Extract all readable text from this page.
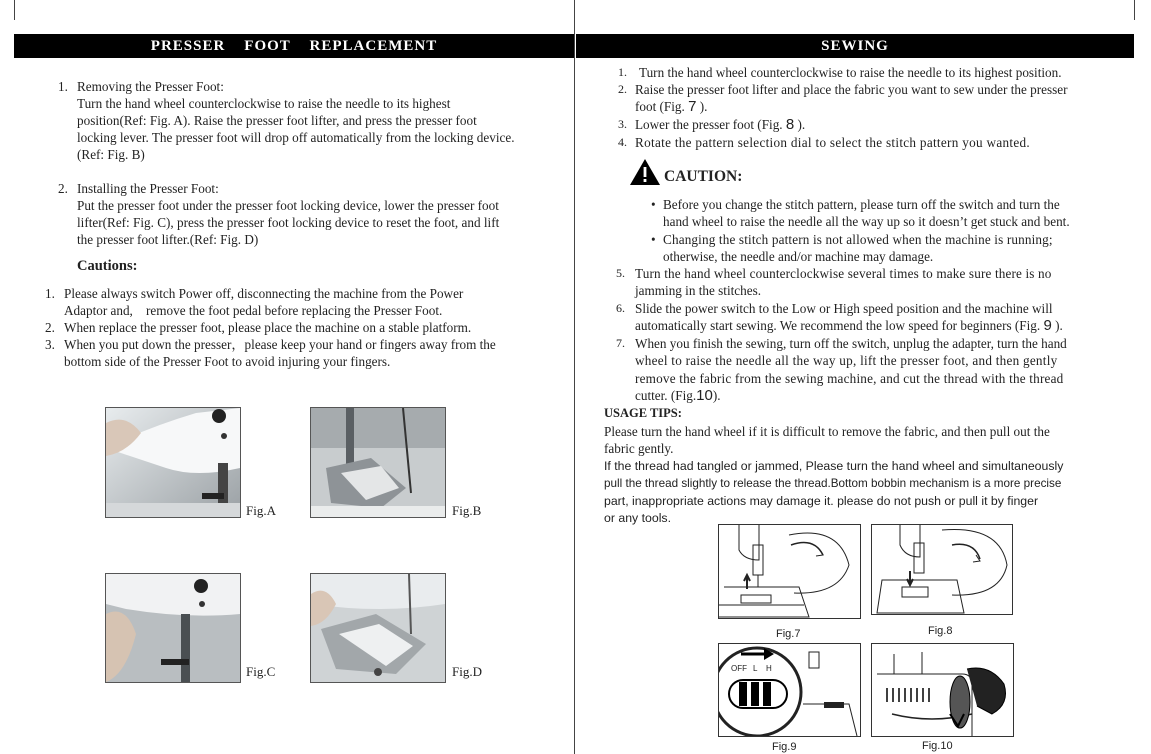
PRESSER    FOOT    REPLACEMENT
1. Removing the Presser Foot:
Turn the hand wheel counterclockwise to raise the needle to its highest
position(Ref: Fig. A). Raise the presser foot lifter, and press the presser foot
locking lever. The presser foot will drop off automatically from the locking device.
(Ref: Fig. B)
2. Installing the Presser Foot:
Put the presser foot under the presser foot locking device, lower the presser foot
lifter(Ref: Fig. C), press the presser foot locking device to reset the foot, and lift
the presser foot lifter.(Ref: Fig. D)
Cautions:
1. Please always switch Power off, disconnecting the machine from the Power
Adaptor and,    remove the foot pedal before replacing the Presser Foot.
2. When replace the presser foot, please place the machine on a stable platform.
3. When you put down the presser，please keep your hand or fingers away from the
bottom side of the Presser Foot to avoid injuring your fingers.
Fig.A	Fig.B
Fig.C	Fig.D
SEWING
1. Turn the hand wheel counterclockwise to raise the needle to its highest position.
2. Raise the presser foot lifter and place the fabric you want to sew under the presser
foot (Fig. 7 ).
3. Lower the presser foot (Fig. 8 ).
4. Rotate the pattern selection dial to select the stitch pattern you wanted.
CAUTION:
• Before you change the stitch pattern, please turn off the switch and turn the
hand wheel to raise the needle all the way up so it doesn’t get stuck and bent.
• Changing the stitch pattern is not allowed when the machine is running;
otherwise, the needle and/or machine may damage.
5. Turn the hand wheel counterclockwise several times to make sure there is no
jamming in the stitches.
6. Slide the power switch to the Low or High speed position and the machine will
automatically start sewing. We recommend the low speed for beginners (Fig. 9 ).
7. When you finish the sewing, turn off the switch, unplug the adapter, turn the hand
wheel to raise the needle all the way up, lift the presser foot, and then gently
remove the fabric from the sewing machine, and cut the thread with the thread
cutter. (Fig.10).
USAGE TIPS:
Please turn the hand wheel if it is difficult to remove the fabric, and then pull out the
fabric gently.
If the thread had tangled or jammed, Please turn the hand wheel and simultaneously
pull the thread slightly to release the thread.Bottom bobbin mechanism is a more precise
part, inappropriate actions may damage it. please do not push or pull it by finger
or any tools.
Fig.7	Fig.8
OFF L H
Fig.9	Fig.10
